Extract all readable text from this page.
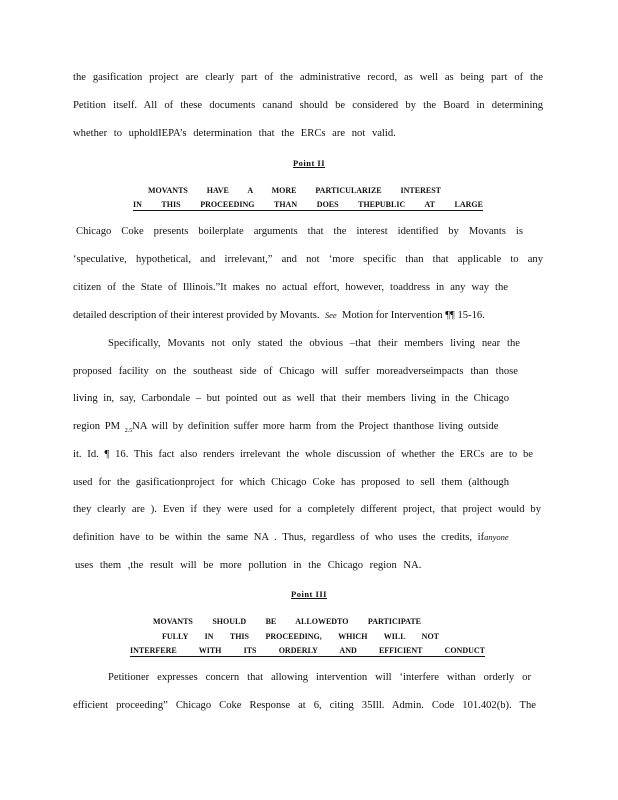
the gasification project are clearly part of the administrative record, as well as being part of the
Petition itself. All of these documents canand should be considered by the Board in determining
whether to upholdIEPA’s determination that the ERCs are not valid.
Point II
MOVANTS HAVE A MORE PARTICULARIZE INTEREST
IN THIS PROCEEDING THAN DOES THEPUBLIC AT LARGE
Chicago Coke presents boilerplate arguments that the interest identified by Movants is
‘speculative, hypothetical, and irrelevant,” and not ‘more specific than that applicable to any
citizen of the State of Illinois.”It makes no actual effort, however, toaddress in any way the
detailed description of their interest provided by Movants. See Motion for Intervention ¶¶ 15-16.
Specifically, Movants not only stated the obvious –that their members living near the
proposed facility on the southeast side of Chicago will suffer moreadverseimpacts than those
living in, say, Carbondale – but pointed out as well that their members living in the Chicago
region PM $_{2.5}$NA will by definition suffer more harm from the Project thanthose living outside
it. Id. ¶ 16. This fact also renders irrelevant the whole discussion of whether the ERCs are to be
used for the gasificationproject for which Chicago Coke has proposed to sell them (although
they clearly are ). Even if they were used for a completely different project, that project would by
definition have to be within the same NA . Thus, regardless of who uses the credits, ifanyone
uses them ,the result will be more pollution in the Chicago region NA.
Point III
MOVANTS SHOULD BE ALLOWEDTO PARTICIPATE
FULLY IN THIS PROCEEDING, WHICH WILL NOT
INTERFERE WITH ITS ORDERLY AND EFFICIENT CONDUCT
Petitioner expresses concern that allowing intervention will ‘interfere withan orderly or
efficient proceeding” Chicago Coke Response at 6, citing 35Ill. Admin. Code 101.402(b). The
